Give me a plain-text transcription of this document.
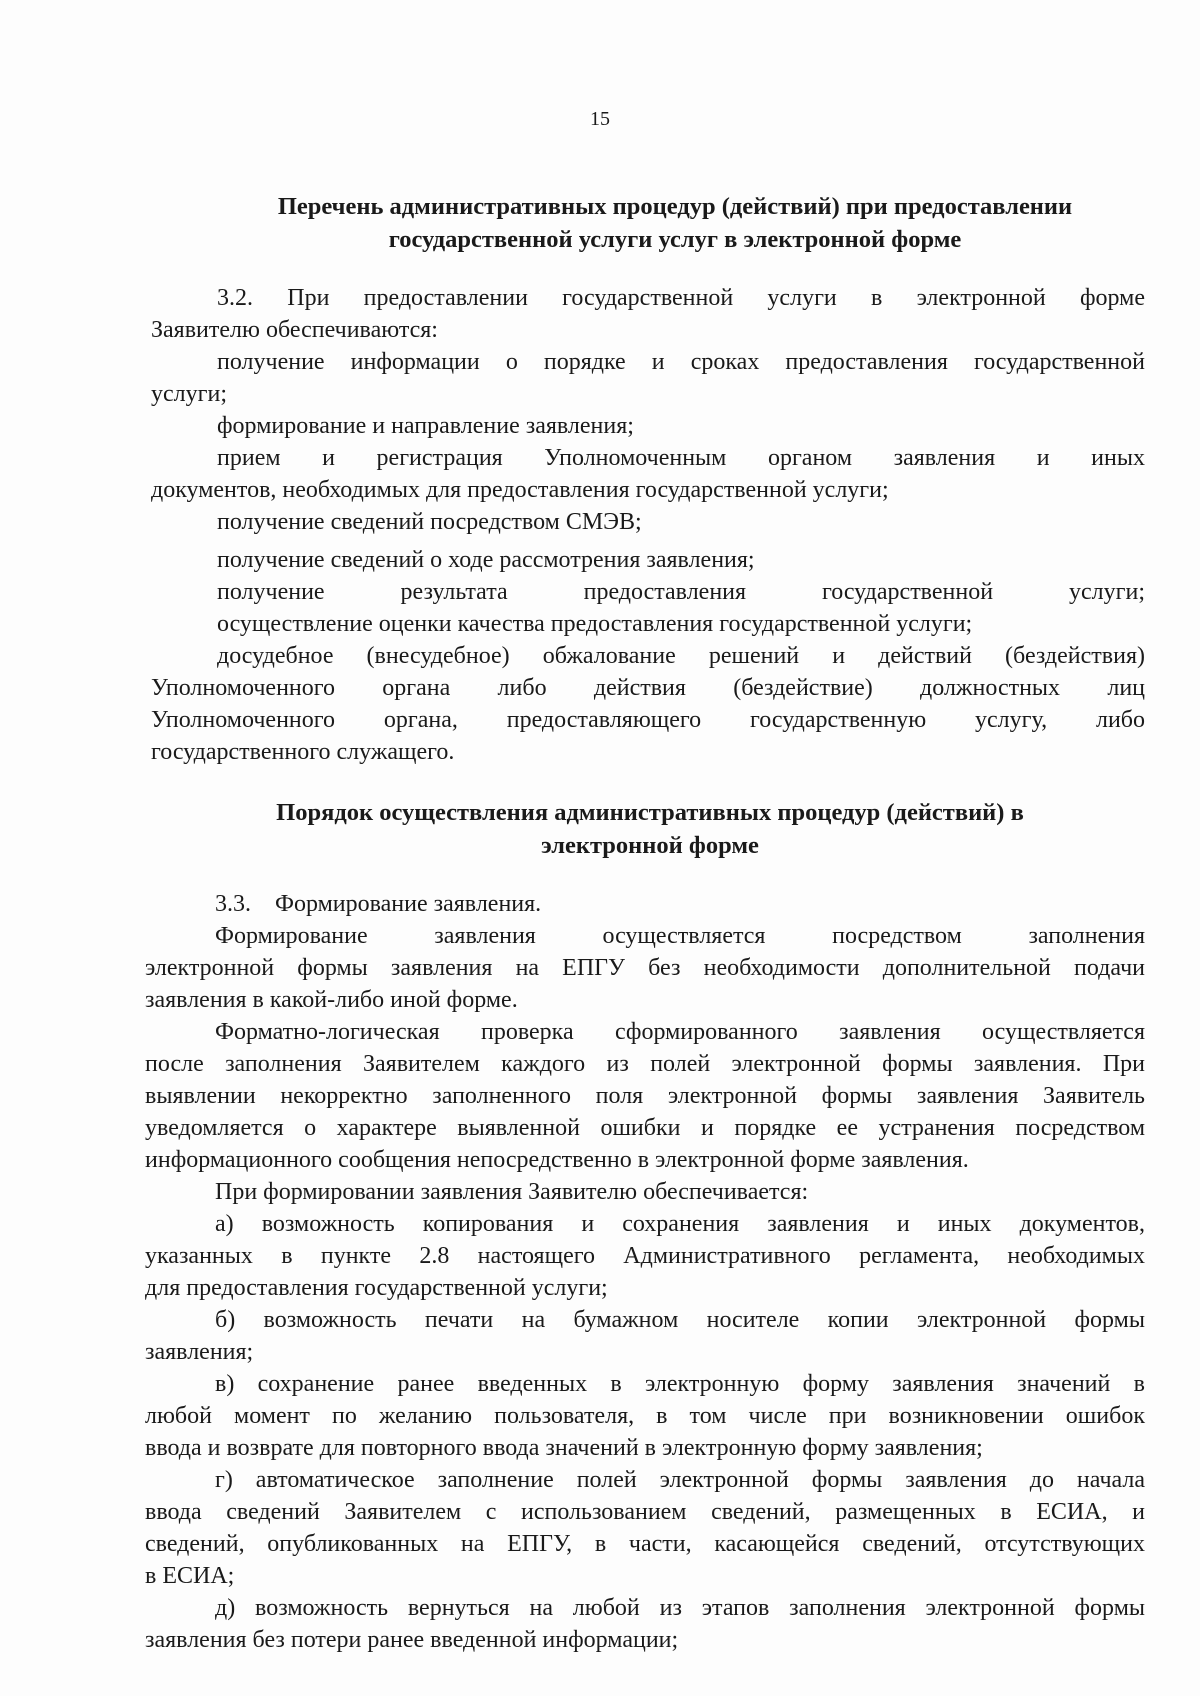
15
Перечень административных процедур (действий) при предоставлении
государственной услуги услуг в электронной форме
3.2. При предоставлении государственной услуги в электронной форме
Заявителю обеспечиваются:
получение информации о порядке и сроках предоставления государственной
услуги;
формирование и направление заявления;
прием и регистрация Уполномоченным органом заявления и иных
документов, необходимых для предоставления государственной услуги;
получение сведений посредством СМЭВ;
получение сведений о ходе рассмотрения заявления;
получение результата предоставления государственной услуги;
осуществление оценки качества предоставления государственной услуги;
досудебное (внесудебное) обжалование решений и действий (бездействия)
Уполномоченного органа либо действия (бездействие) должностных лиц
Уполномоченного органа, предоставляющего государственную услугу, либо
государственного служащего.
Порядок осуществления административных процедур (действий) в
электронной форме
3.3.    Формирование заявления.
Формирование заявления осуществляется посредством заполнения
электронной формы заявления на ЕПГУ без необходимости дополнительной подачи
заявления в какой-либо иной форме.
Форматно-логическая проверка сформированного заявления осуществляется
после заполнения Заявителем каждого из полей электронной формы заявления. При
выявлении некорректно заполненного поля электронной формы заявления Заявитель
уведомляется о характере выявленной ошибки и порядке ее устранения посредством
информационного сообщения непосредственно в электронной форме заявления.
При формировании заявления Заявителю обеспечивается:
а) возможность копирования и сохранения заявления и иных документов,
указанных в пункте 2.8 настоящего Административного регламента, необходимых
для предоставления государственной услуги;
б) возможность печати на бумажном носителе копии электронной формы
заявления;
в) сохранение ранее введенных в электронную форму заявления значений в
любой момент по желанию пользователя, в том числе при возникновении ошибок
ввода и возврате для повторного ввода значений в электронную форму заявления;
г) автоматическое заполнение полей электронной формы заявления до начала
ввода сведений Заявителем с использованием сведений, размещенных в ЕСИА, и
сведений, опубликованных на ЕПГУ, в части, касающейся сведений, отсутствующих
в ЕСИА;
д) возможность вернуться на любой из этапов заполнения электронной формы
заявления без потери ранее введенной информации;
